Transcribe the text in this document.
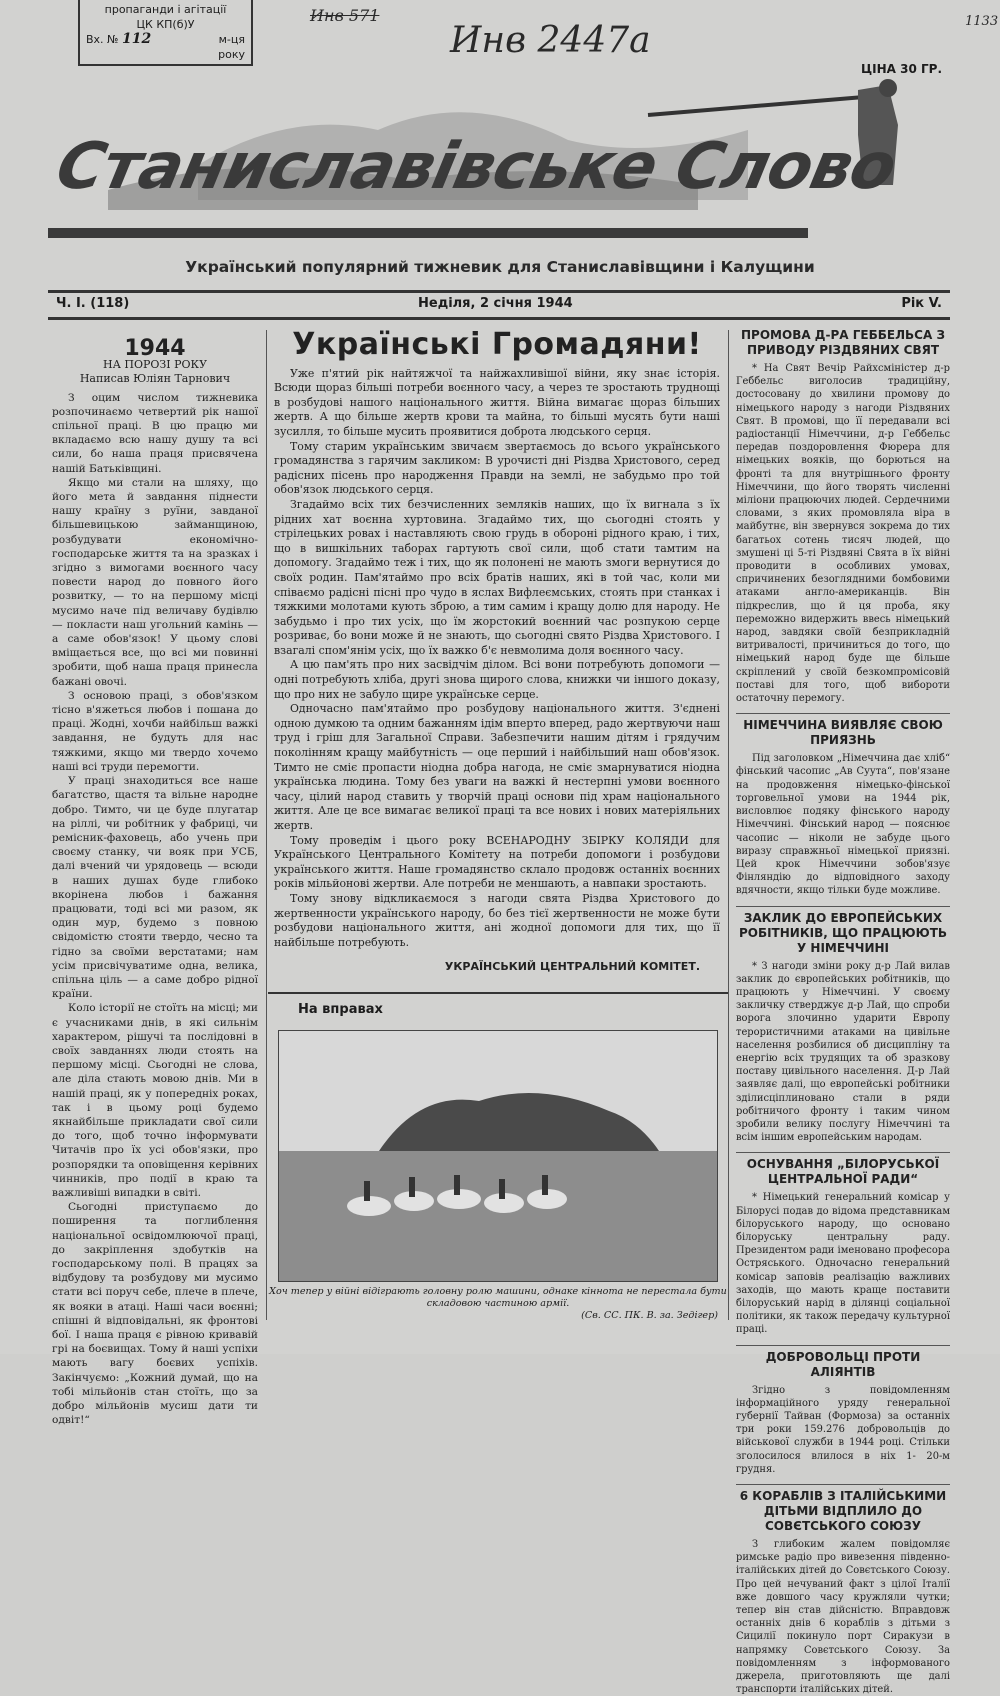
пропаганди і агітації
ЦК КП(б)У
Вх. № 112	м-ця
року
Инв 571
Инв 2447а	1133
ЦІНА 30 ГР.
Станиславівське Слово
Український популярний тижневик для Станиславівщини і Калущини
Ч. І. (118)	Неділя, 2 січня 1944	Рік V.
1944

НА ПОРОЗІ РОКУ

Написав Юліян Тарнович

З оцим числом тижневика розпочинаємо четвертий рік нашої спільної праці. В цю працю ми вкладаємо всю нашу душу та всі сили, бо наша праця присвячена нашій Батьківщині.

Якщо ми стали на шляху, що його мета й завдання піднести нашу країну з руїни, завданої більшевицькою займанщиною, розбудувати економічно-господарське життя та на зразках і згідно з вимогами воєнного часу повести народ до повного його розвитку, — то на першому місці мусимо наче під величаву будівлю — покласти наш угольний камінь — а саме обов'язок! У цьому слові вміщається все, що всі ми повинні зробити, щоб наша праця принесла бажані овочі.

З основою праці, з обов'язком тісно в'яжеться любов і пошана до праці. Жодні, хочби найбільш важкі завдання, не будуть для нас тяжкими, якщо ми твердо хочемо наші всі труди перемогти.

У праці знаходиться все наше багатство, щастя та вільне народне добро. Тимто, чи це буде плугатар на ріллі, чи робітник у фабриці, чи ремісник-фаховець, або учень при своєму станку, чи вояк при УСБ, далі вчений чи урядовець — всюди в наших душах буде глибоко вкорінена любов і бажання працювати, тоді всі ми разом, як один мур, будемо з повною свідомістю стояти твердо, чесно та гідно за своїми верстатами; нам усім присвічуватиме одна, велика, спільна ціль — а саме добро рідної країни.

Коло історії не стоїть на місці; ми є учасниками днів, в які сильнім характером, рішучі та послідовні в своїх завданнях люди стоять на першому місці. Сьогодні не слова, але діла стають мовою днів. Ми в нашій праці, як у попередніх роках, так і в цьому році будемо якнайбільше прикладати свої сили до того, щоб точно інформувати Читачів про їх усі обов'язки, про розпорядки та оповіщення керівних чинників, про події в краю та важливіші випадки в світі.

Сьогодні приступаємо до поширення та поглиблення національної освідомлюючої праці, до закріплення здобутків на господарському полі. В працях за відбудову та розбудову ми мусимо стати всі поруч себе, плече в плече, як вояки в атаці. Наші часи воєнні; спішні й відповідальні, як фронтові бої. І наша праця є рівною кривавій грі на боєвищах. Тому й наші успіхи мають вагу боєвих успіхів. Закінчуємо: „Кожний думай, що на тобі мільйонів стан стоїть, що за добро мільйонів мусиш дати ти одвіт!“

Українські Громадяни!

Уже п'ятий рік найтяжчої та найжахливішої війни, яку знає історія. Всюди щораз більші потреби воєнного часу, а через те зростають труднощі в розбудові нашого національного життя. Війна вимагає щораз більших жертв. А що більше жертв крови та майна, то більші мусять бути наші зусилля, то більше мусить проявитися доброта людського серця.

Тому старим українським звичаєм звертаємось до всього українського громадянства з гарячим закликом: В урочисті дні Різдва Христового, серед радісних пісень про народження Правди на землі, не забудьмо про той обов'язок людського серця.

Згадаймо всіх тих безчисленних земляків наших, що їх вигнала з їх рідних хат воєнна хуртовина. Згадаймо тих, що сьогодні стоять у стрілецьких ровах і наставляють свою грудь в обороні рідного краю, і тих, що в вишкільних таборах гартують свої сили, щоб стати тамтим на допомогу. Згадаймо теж і тих, що як полонені не мають змоги вернутися до своїх родин. Пам'ятаймо про всіх братів наших, які в той час, коли ми співаємо радісні пісні про чудо в яслах Вифлеємських, стоять при станках і тяжкими молотами кують зброю, а тим самим і кращу долю для народу. Не забудьмо і про тих усіх, що їм жорстокий воєнний час розпукою серце розриває, бо вони може й не знають, що сьогодні свято Різдва Христового. І взагалі спом'янім усіх, що їх важко б'є невмолима доля воєнного часу.

А цю пам'ять про них засвідчім ділом. Всі вони потребують допомоги — одні потребують хліба, другі знова щирого слова, книжки чи іншого доказу, що про них не забуло щире українське серце.

Одночасно пам'ятаймо про розбудову національного життя. З'єднені одною думкою та одним бажанням ідім вперто вперед, радо жертвуючи наш труд і гріш для Загальної Справи. Забезпечити нашим дітям і грядучим поколінням кращу майбутність — оце перший і найбільший наш обов'язок. Тимто не сміє пропасти ніодна добра нагода, не сміє змарнуватися ніодна українська людина. Тому без уваги на важкі й нестерпні умови воєнного часу, цілий народ ставить у творчій праці основи під храм національного життя. Але це все вимагає великої праці та все нових і нових матеріяльних жертв.

Тому проведім і цього року ВСЕНАРОДНУ ЗБІРКУ КОЛЯДИ для Українського Центрального Комітету на потреби допомоги і розбудови українського життя. Наше громадянство склало продовж останніх воєнних років мільйонові жертви. Але потреби не меншають, а навпаки зростають.

Тому знову відкликаємося з нагоди свята Різдва Христового до жертвенности українського народу, бо без тієї жертвенности не може бути розбудови національного життя, ані жодної допомоги для тих, що її найбільше потребують.

УКРАЇНСЬКИЙ ЦЕНТРАЛЬНИЙ КОМІТЕТ.
На вправах
Хоч тепер у війні відіграють головну ролю машини, однаке кіннота не перестала бути складовою частиною армії.
(Св. СС. ПК. В. за. Зедігер)
ПРОМОВА Д-РА ГЕББЕЛЬСА З ПРИВОДУ РІЗДВЯНИХ СВЯТ

* На Свят Вечір Райхсміністер д-р Геббельс виголосив традиційну, достосовану до хвилини промову до німецького народу з нагоди Різдвяних Свят. В промові, що її передавали всі радіостанції Німеччини, д-р Геббельс передав поздоровлення Фюрера для німецьких вояків, що борються на фронті та для внутрішнього фронту Німеччини, що його творять численні міліони працюючих людей. Сердечними словами, з яких промовляла віра в майбутнє, він звернувся зокрема до тих багатьох сотень тисяч людей, що змушені ці 5-ті Різдвяні Свята в їх війні проводити в особливих умовах, спричинених безоглядними бомбовими атаками англо-американців. Він підкреслив, що й ця проба, яку переможно видержить ввесь німецький народ, завдяки своїй безприкладній витривалості, причиниться до того, що німецький народ буде ще більше скріплений у своїй безкомпромісовій поставі для того, щоб вибороти остаточну перемогу.

НІМЕЧЧИНА ВИЯВЛЯЄ СВОЮ ПРИЯЗНЬ

Під заголовком „Німеччина дає хліб“ фінський часопис „Ав Суута“, пов'язане на продовження німецько-фінської торговельної умови на 1944 рік, висловлює подяку фінського народу Німеччині. Фінський народ — пояснює часопис — ніколи не забуде цього виразу справжньої німецької приязні. Цей крок Німеччини зобов'язує Фінляндію до відповідного заходу вдячности, якщо тільки буде можливе.

ЗАКЛИК ДО ЕВРОПЕЙСЬКИХ РОБІТНИКІВ, ЩО ПРАЦЮЮТЬ У НІМЕЧЧИНІ

* З нагоди зміни року д-р Лай вилав заклик до європейських робітників, що працюють у Німеччині. У своєму закличку стверджує д-р Лай, що спроби ворога злочинно ударити Европу терористичними атаками на цивільне населення розбилися об дисципліну та енергію всіх трудящих та об зразкову поставу цивільного населення. Д-р Лай заявляє далі, що европейські робітники зділисціплиновано стали в ряди робітничого фронту і таким чином зробили велику послугу Німеччині та всім іншим европейським народам.

ОСНУВАННЯ „БІЛОРУСЬКОЇ ЦЕНТРАЛЬНОЇ РАДИ“

* Німецький генеральний комісар у Білорусі подав до відома представникам білоруського народу, що основано білоруську центральну раду. Президентом ради іменовано професора Остряського. Одночасно генеральний комісар заповів реалізацію важливих заходів, що мають краще поставити білоруський нарід в ділянці соціальної політики, як також передачу культурної праці.

ДОБРОВОЛЬЦІ ПРОТИ АЛІЯНТІВ

Згідно з повідомленням інформаційного уряду генеральної губернії Тайван (Формоза) за останніх три роки 159.276 добровольців до військової служби в 1944 році. Стільки зголосилося влилося в ніх 1- 20-м грудня.

6 КОРАБЛІВ З ІТАЛІЙСЬКИМИ ДІТЬМИ ВІДПЛИЛО ДО СОВЄТСЬКОГО СОЮЗУ

З глибоким жалем повідомляє римське радіо про вивезення південно-італійських дітей до Совєтського Союзу. Про цей нечуваний факт з цілої Італії вже довшого часу кружляли чутки; тепер він став дійсністю. Вправдовж останніх днів 6 кораблів з дітьми з Сицилії покинуло порт Сиракузи в напрямку Совєтського Союзу. За повідомленням з інформованого джерела, приготовляють ще далі транспорти італійських дітей.
